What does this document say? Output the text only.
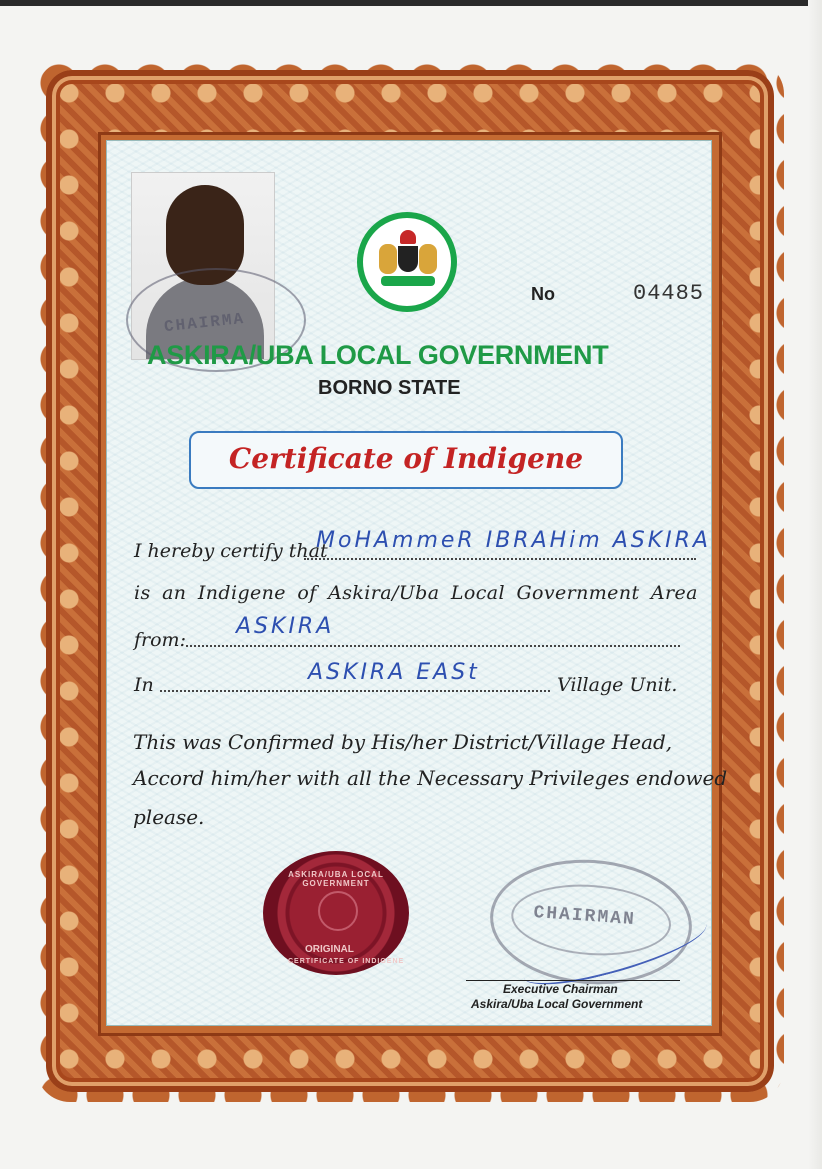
CHAIRMA
No	04485
ASKIRA/UBA LOCAL GOVERNMENT
BORNO STATE
Certificate of Indigene
I hereby certify that
MoHAmmeR IBRAHim ASKIRA
is an Indigene of Askira/Uba Local Government Area
from:
ASKIRA
In	ASKIRA EASt	Village Unit.
This was Confirmed by His/her District/Village Head,
Accord him/her with all the Necessary Privileges endowed
please.
ASKIRA/UBA LOCAL GOVERNMENT
ORIGINAL
CERTIFICATE OF INDIGENE
CHAIRMAN
Executive Chairman
Askira/Uba Local Government
